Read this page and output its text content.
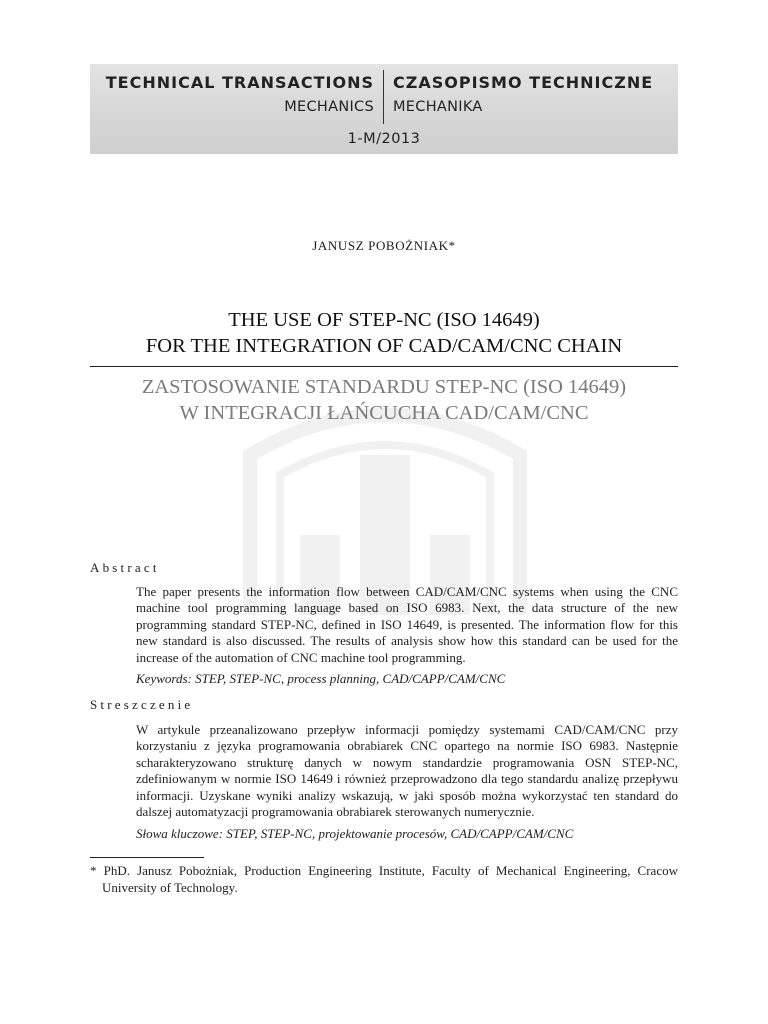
TECHNICAL TRANSACTIONS CZASOPISMO TECHNICZNE
MECHANICS MECHANIKA
1-M/2013
JANUSZ POBOŻNIAK*
THE USE OF STEP-NC (ISO 14649)
FOR THE INTEGRATION OF CAD/CAM/CNC CHAIN
ZASTOSOWANIE STANDARDU STEP-NC (ISO 14649)
W INTEGRACJI ŁAŃCUCHA CAD/CAM/CNC
Abstract
The paper presents the information flow between CAD/CAM/CNC systems when using the CNC machine tool programming language based on ISO 6983. Next, the data structure of the new programming standard STEP-NC, defined in ISO 14649, is presented. The information flow for this new standard is also discussed. The results of analysis show how this standard can be used for the increase of the automation of CNC machine tool programming.
Keywords: STEP, STEP-NC, process planning, CAD/CAPP/CAM/CNC
Streszczenie
W artykule przeanalizowano przepływ informacji pomiędzy systemami CAD/CAM/CNC przy korzystaniu z języka programowania obrabiarek CNC opartego na normie ISO 6983. Następnie scharakteryzowano strukturę danych w nowym standardzie programowania OSN STEP-NC, zdefiniowanym w normie ISO 14649 i również przeprowadzono dla tego standardu analizę przepływu informacji. Uzyskane wyniki analizy wskazują, w jaki sposób można wykorzystać ten standard do dalszej automatyzacji programowania obrabiarek sterowanych numerycznie.
Słowa kluczowe: STEP, STEP-NC, projektowanie procesów, CAD/CAPP/CAM/CNC
* PhD. Janusz Pobożniak, Production Engineering Institute, Faculty of Mechanical Engineering, Cracow University of Technology.
